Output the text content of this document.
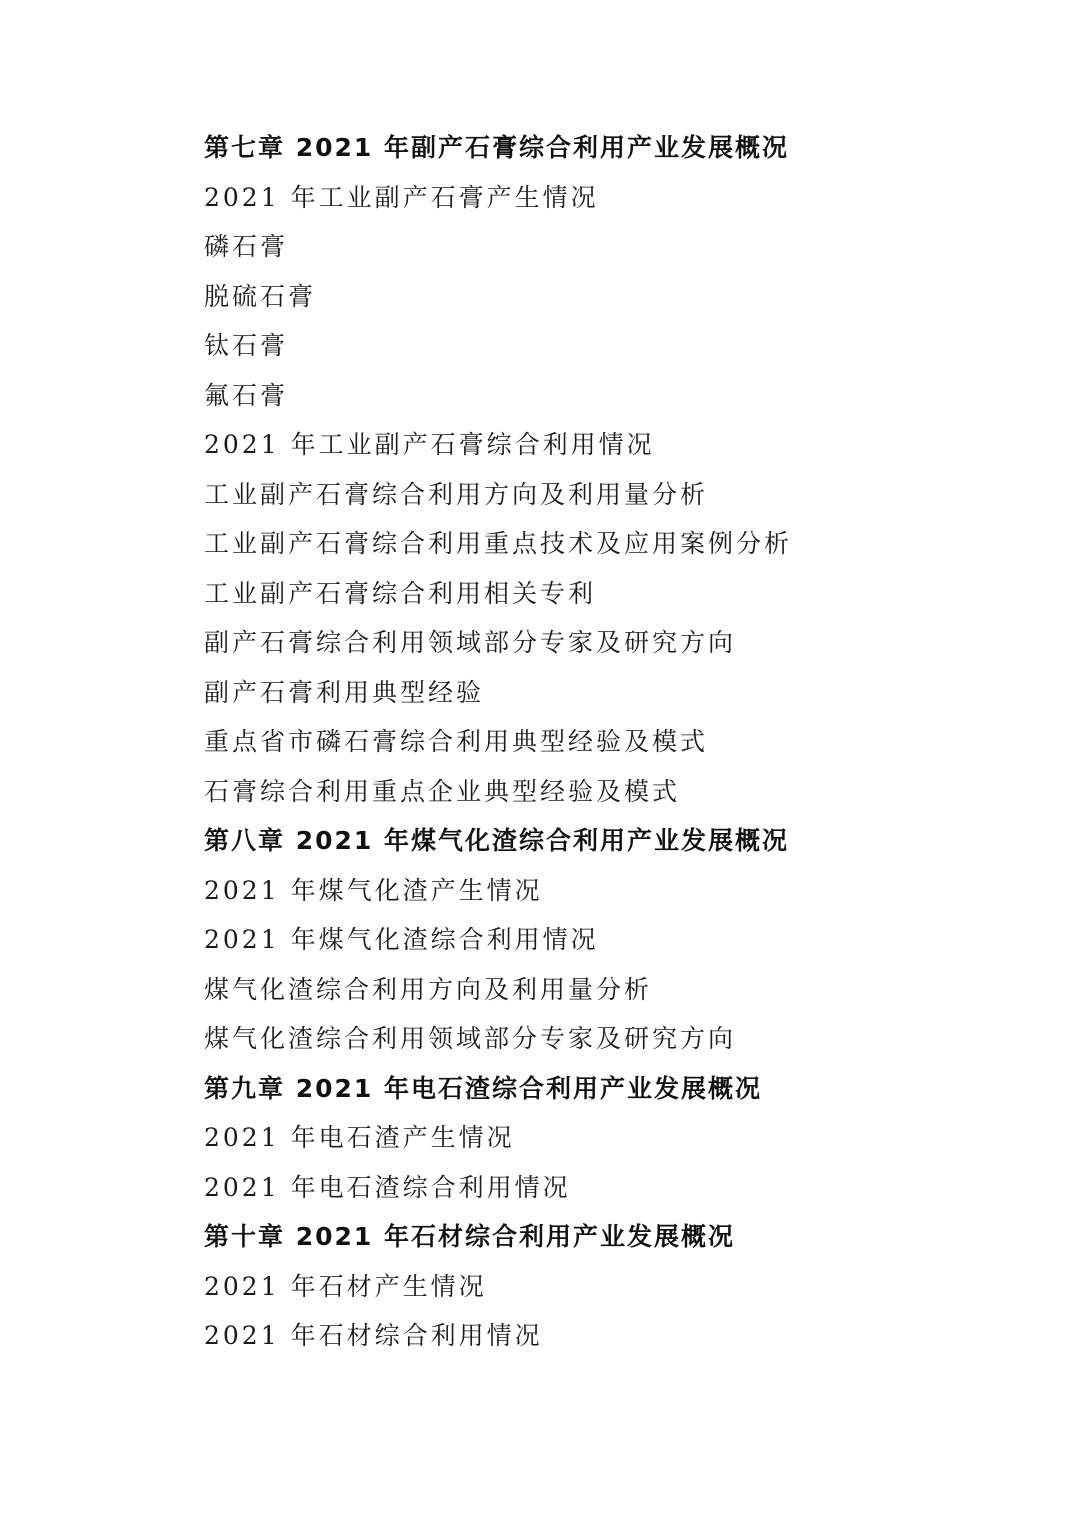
第七章 2021 年副产石膏综合利用产业发展概况
2021 年工业副产石膏产生情况
磷石膏
脱硫石膏
钛石膏
氟石膏
2021 年工业副产石膏综合利用情况
工业副产石膏综合利用方向及利用量分析
工业副产石膏综合利用重点技术及应用案例分析
工业副产石膏综合利用相关专利
副产石膏综合利用领域部分专家及研究方向
副产石膏利用典型经验
重点省市磷石膏综合利用典型经验及模式
石膏综合利用重点企业典型经验及模式
第八章 2021 年煤气化渣综合利用产业发展概况
2021 年煤气化渣产生情况
2021 年煤气化渣综合利用情况
煤气化渣综合利用方向及利用量分析
煤气化渣综合利用领域部分专家及研究方向
第九章 2021 年电石渣综合利用产业发展概况
2021 年电石渣产生情况
2021 年电石渣综合利用情况
第十章 2021 年石材综合利用产业发展概况
2021 年石材产生情况
2021 年石材综合利用情况
